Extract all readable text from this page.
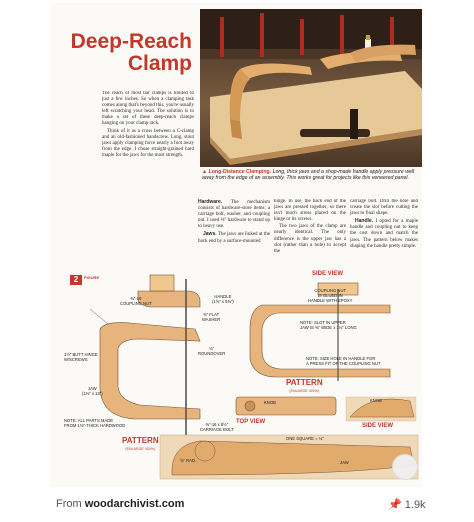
Deep-Reach
Clamp
▲ Long-Distance Clamping. Long, thick jaws and a shop-made handle apply pressure well away from the edge of an assembly. This works great for projects like this veneered panel.

The reach of most bar clamps is limited to just a few inches. So when a clamping task comes along that's beyond this, you're usually left scratching your head. The solution is to make a set of these deep-reach clamps hanging on your clamp rack.

Think of it as a cross between a C-clamp and an old-fashioned handscrew. Long, stout jaws apply clamping force nearly a foot away from the edge. I chose straight-grained hard maple for the jaws for the most strength.

Hardware. The mechanism consists of hardware-store items: a carriage bolt, washer, and coupling nut. I used ⅜" hardware to stand up to heavy use.

Jaws. The jaws are linked at the back end by a surface-mounted

hinge. In use, the back end of the jaws are pressed together, so there isn't much stress placed on the hinge or its screws.

The two jaws of the clamp are nearly identical. The only difference is the upper jaw has a slot (rather than a hole) to accept the

carriage bolt. Drill the hole and create the slot before cutting the jaws to final shape.

Handle. I opted for a maple handle and coupling nut to keep the cost down and match the jaws. The pattern below makes shaping the handle pretty simple.

2	FIGURE
⅜"-16
COUPLING NUT
HANDLE
(1⅝" x 5⅜")
⅜" FLAT
WASHER
1½" BUTT HINGE
W/SCREWS
⅛"
ROUNDOVER
JAW
(1⅜" x 13")
⅜"-16 x 8½"
CARRIAGE BOLT
NOTE: ALL PARTS MADE
FROM 1⅜"-THICK HARDWOOD
SIDE VIEW
COUPLING NUT
IS GLUED IN
HANDLE WITH EPOXY
NOTE: SLOT IN UPPER
JAW IS ⅜" WIDE x 1⅛" LONG
NOTE: SIZE HOLE IN HANDLE FOR
A PRESS FIT OF THE COUPLING NUT
PATTERN
(ENLARGE 400%)
TOP VIEW
KNOB	KNOB
SIDE VIEW
PATTERN
(ENLARGE 400%)
ONE SQUARE = ¼"
JAW
⅝" RAD.
From woodarchivist.com	📌 1.9k
